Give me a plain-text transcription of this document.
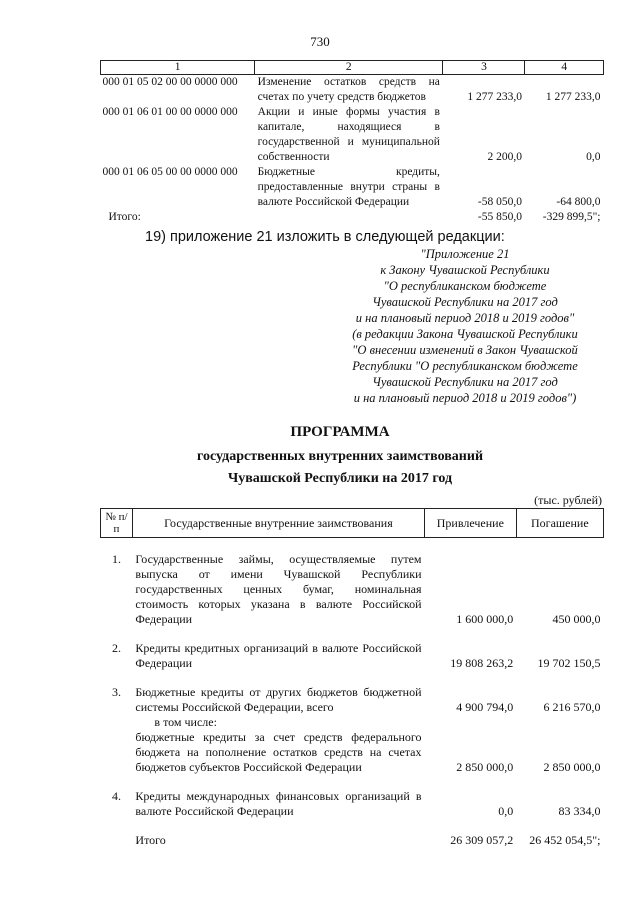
730
1	2	3	4
000 01 05 02 00 00 0000 000	Изменение остатков средств на счетах по учету средств бюджетов	1 277 233,0	1 277 233,0
000 01 06 01 00 00 0000 000	Акции и иные формы участия в капитале, находящиеся в государственной и муниципальной собственности	2 200,0	0,0
000 01 06 05 00 00 0000 000	Бюджетные кредиты, предоставленные внутри страны в валюте Российской Федерации	-58 050,0	-64 800,0
Итого:		-55 850,0	-329 899,5";
19) приложение 21 изложить в следующей редакции:
"Приложение 21
к Закону Чувашской Республики
"О республиканском бюджете
Чувашской Республики на 2017 год
и на плановый период 2018 и 2019 годов"
(в редакции Закона Чувашской Республики
"О внесении изменений в Закон Чувашской
Республики "О республиканском бюджете
Чувашской Республики на 2017 год
и на плановый период 2018 и 2019 годов")
ПРОГРАММА
государственных внутренних заимствований
Чувашской Республики на 2017 год
(тыс. рублей)
№ п/п	Государственные внутренние заимствования	Привлечение	Погашение

1.	Государственные займы, осуществляемые путем выпуска от имени Чувашской Республики государственных ценных бумаг, номинальная стоимость которых указана в валюте Российской Федерации	1 600 000,0	450 000,0

2.	Кредиты кредитных организаций в валюте Российской Федерации	19 808 263,2	19 702 150,5

3.	Бюджетные кредиты от других бюджетов бюджетной системы Российской Федерации, всего	4 900 794,0	6 216 570,0
	в том числе:		
	бюджетные кредиты за счет средств федерального бюджета на пополнение остатков средств на счетах бюджетов субъектов Российской Федерации	2 850 000,0	2 850 000,0

4.	Кредиты международных финансовых организаций в валюте Российской Федерации	0,0	83 334,0

	Итого	26 309 057,2	26 452 054,5";
